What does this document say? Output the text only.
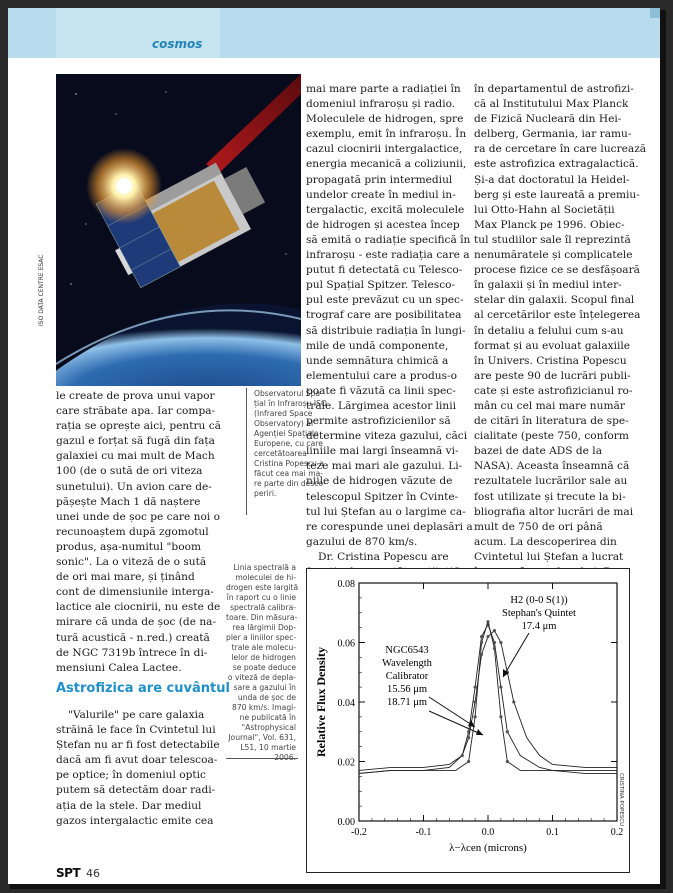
cosmos
ISO DATA CENTRE ESAC

Observatorul Spa-

țial în Infraroșu ISO

(Infrared Space

Observatory) al

Agenției Spațiale

Europene, cu care

cercetătoarea

Cristina Popescu a

făcut cea mai ma-

re parte din desco-

periri.

le create de prova unui vapor

care străbate apa. Iar compa-

rația se oprește aici, pentru că

gazul e forțat să fugă din fața

galaxiei cu mai mult de Mach

100 (de o sută de ori viteza

sunetului). Un avion care de-

pășește Mach 1 dă naștere

unei unde de șoc pe care noi o

recunoaștem după zgomotul

produs, așa-numitul "boom

sonic". La o viteză de o sută

de ori mai mare, și ținând

cont de dimensiunile interga-

lactice ale ciocnirii, nu este de

mirare că unda de șoc (de na-

tură acustică - n.red.) creată

de NGC 7319b întrece în di-

mensiuni Calea Lactee.

Astrofizica are cuvântul

"Valurile" pe care galaxia

străină le face în Cvintetul lui

Ștefan nu ar fi fost detectabile

dacă am fi avut doar telescoa-

pe optice; în domeniul optic

putem să detectăm doar radi-

ația de la stele. Dar mediul

gazos intergalactic emite cea

Linia spectrală a

moleculei de hi-

drogen este largită

în raport cu o linie

spectrală calibra-

toare. Din măsura-

rea lărgimii Dop-

pler a liniilor spec-

trale ale molecu-

lelor de hidrogen

se poate deduce

o viteză de depla-

sare a gazului în

unda de șoc de

870 km/s. Imagi-

ne publicată în

"Astrophysical

Journal", Vol. 631,

L51, 10 martie

mai mare parte a radiației în

domeniul infraroșu și radio.

Moleculele de hidrogen, spre

exemplu, emit în infraroșu. În

cazul ciocnirii intergalactice,

energia mecanică a coliziunii,

propagată prin intermediul

undelor create în mediul in-

tergalactic, excită moleculele

de hidrogen și acestea încep

să emită o radiație specifică în

infraroșu - este radiația care a

putut fi detectată cu Telesco-

pul Spațial Spitzer. Telesco-

pul este prevăzut cu un spec-

trograf care are posibilitatea

să distribuie radiația în lungi-

mile de undă componente,

unde semnătura chimică a

elementului care a produs-o

poate fi văzută ca linii spec-

trale. Lărgimea acestor linii

permite astrofizicienilor să

determine viteza gazului, căci

liniile mai largi înseamnă vi-

teze mai mari ale gazului. Li-

niile de hidrogen văzute de

telescopul Spitzer în Cvinte-

tul lui Ștefan au o largime ca-

re corespunde unei deplasări a

gazului de 870 km/s.

Dr. Cristina Popescu are

în departamentul de astrofizi-

că al Institutului Max Planck

de Fizică Nucleară din Hei-

delberg, Germania, iar ramu-

ra de cercetare în care lucrează

este astrofizica extragalactică.

Și-a dat doctoratul la Heidel-

berg și este laureată a premiu-

lui Otto-Hahn al Societății

Max Planck pe 1996. Obiec-

tul studiilor sale îl reprezintă

nenumăratele și complicatele

procese fizice ce se desfășoară

în galaxii și în mediul inter-

stelar din galaxii. Scopul final

al cercetărilor este înțelegerea

în detaliu a felului cum s-au

format și au evoluat galaxiile

în Univers. Cristina Popescu

are peste 90 de lucrări publi-

cate și este astrofizicianul ro-

mân cu cel mai mare număr

de citări în literatura de spe-

cialitate (peste 750, conform

bazei de date ADS de la

NASA). Aceasta înseamnă că

rezultatele lucrărilor sale au

fost utilizate și trecute la bi-

bliografia altor lucrări de mai

mult de 750 de ori până

acum. La descoperirea din

Cvintetul lui Ștefan a lucrat

-0.2	-0.1	0.0	0.1	0.2
0.00
0.02
0.04
0.06
0.08
λ−λcen (microns)
Relative Flux Density
H2 (0-0 S(1))
Stephan's Quintet
17.4 μm
NGC6543
Wavelength
Calibrator
15.56 μm
18.71 μm
CRISTINA POPESCU
SPT 46
